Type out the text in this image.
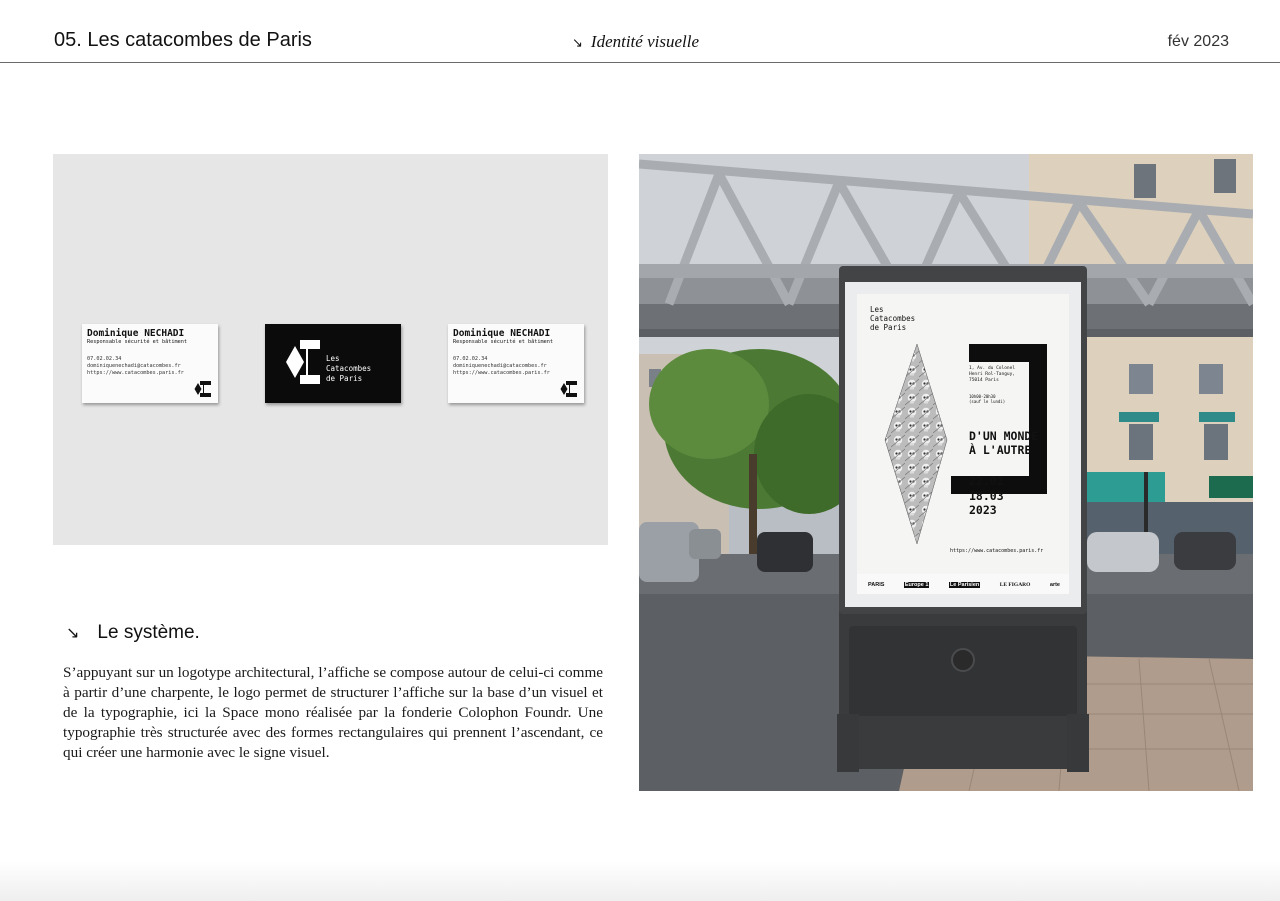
05. Les catacombes de Paris	↘ Identité visuelle	fév 2023
Dominique NECHADI
Responsable sécurité et bâtiment
07.02.02.34
dominiquenechadi@catacombes.fr
https://www.catacombes.paris.fr
Les
Catacombes
de Paris
Dominique NECHADI
Responsable sécurité et bâtiment
07.02.02.34
dominiquenechadi@catacombes.fr
https://www.catacombes.paris.fr
Les
Catacombes
de Paris
1, Av. du Colonel
Henri Rol-Tanguy,
75014 Paris
10h00-20h30
(sauf le lundi)
D'UN MONDE
À L'AUTRE
22.02
18.03
2023
https://www.catacombes.paris.fr
PARIS	Europe 1	Le Parisien	LE FIGARO	arte
↘ Le système.
S’appuyant sur un logotype architectural, l’affiche se compose autour de celui-ci comme à partir d’une charpente, le logo permet de structurer l’affiche sur la base d’un visuel et de la typographie, ici la Space mono réalisée par la fonderie Colophon Foundr. Une typographie très structurée avec des formes rectangulaires qui prennent l’ascendant, ce qui créer une harmonie avec le signe visuel.
